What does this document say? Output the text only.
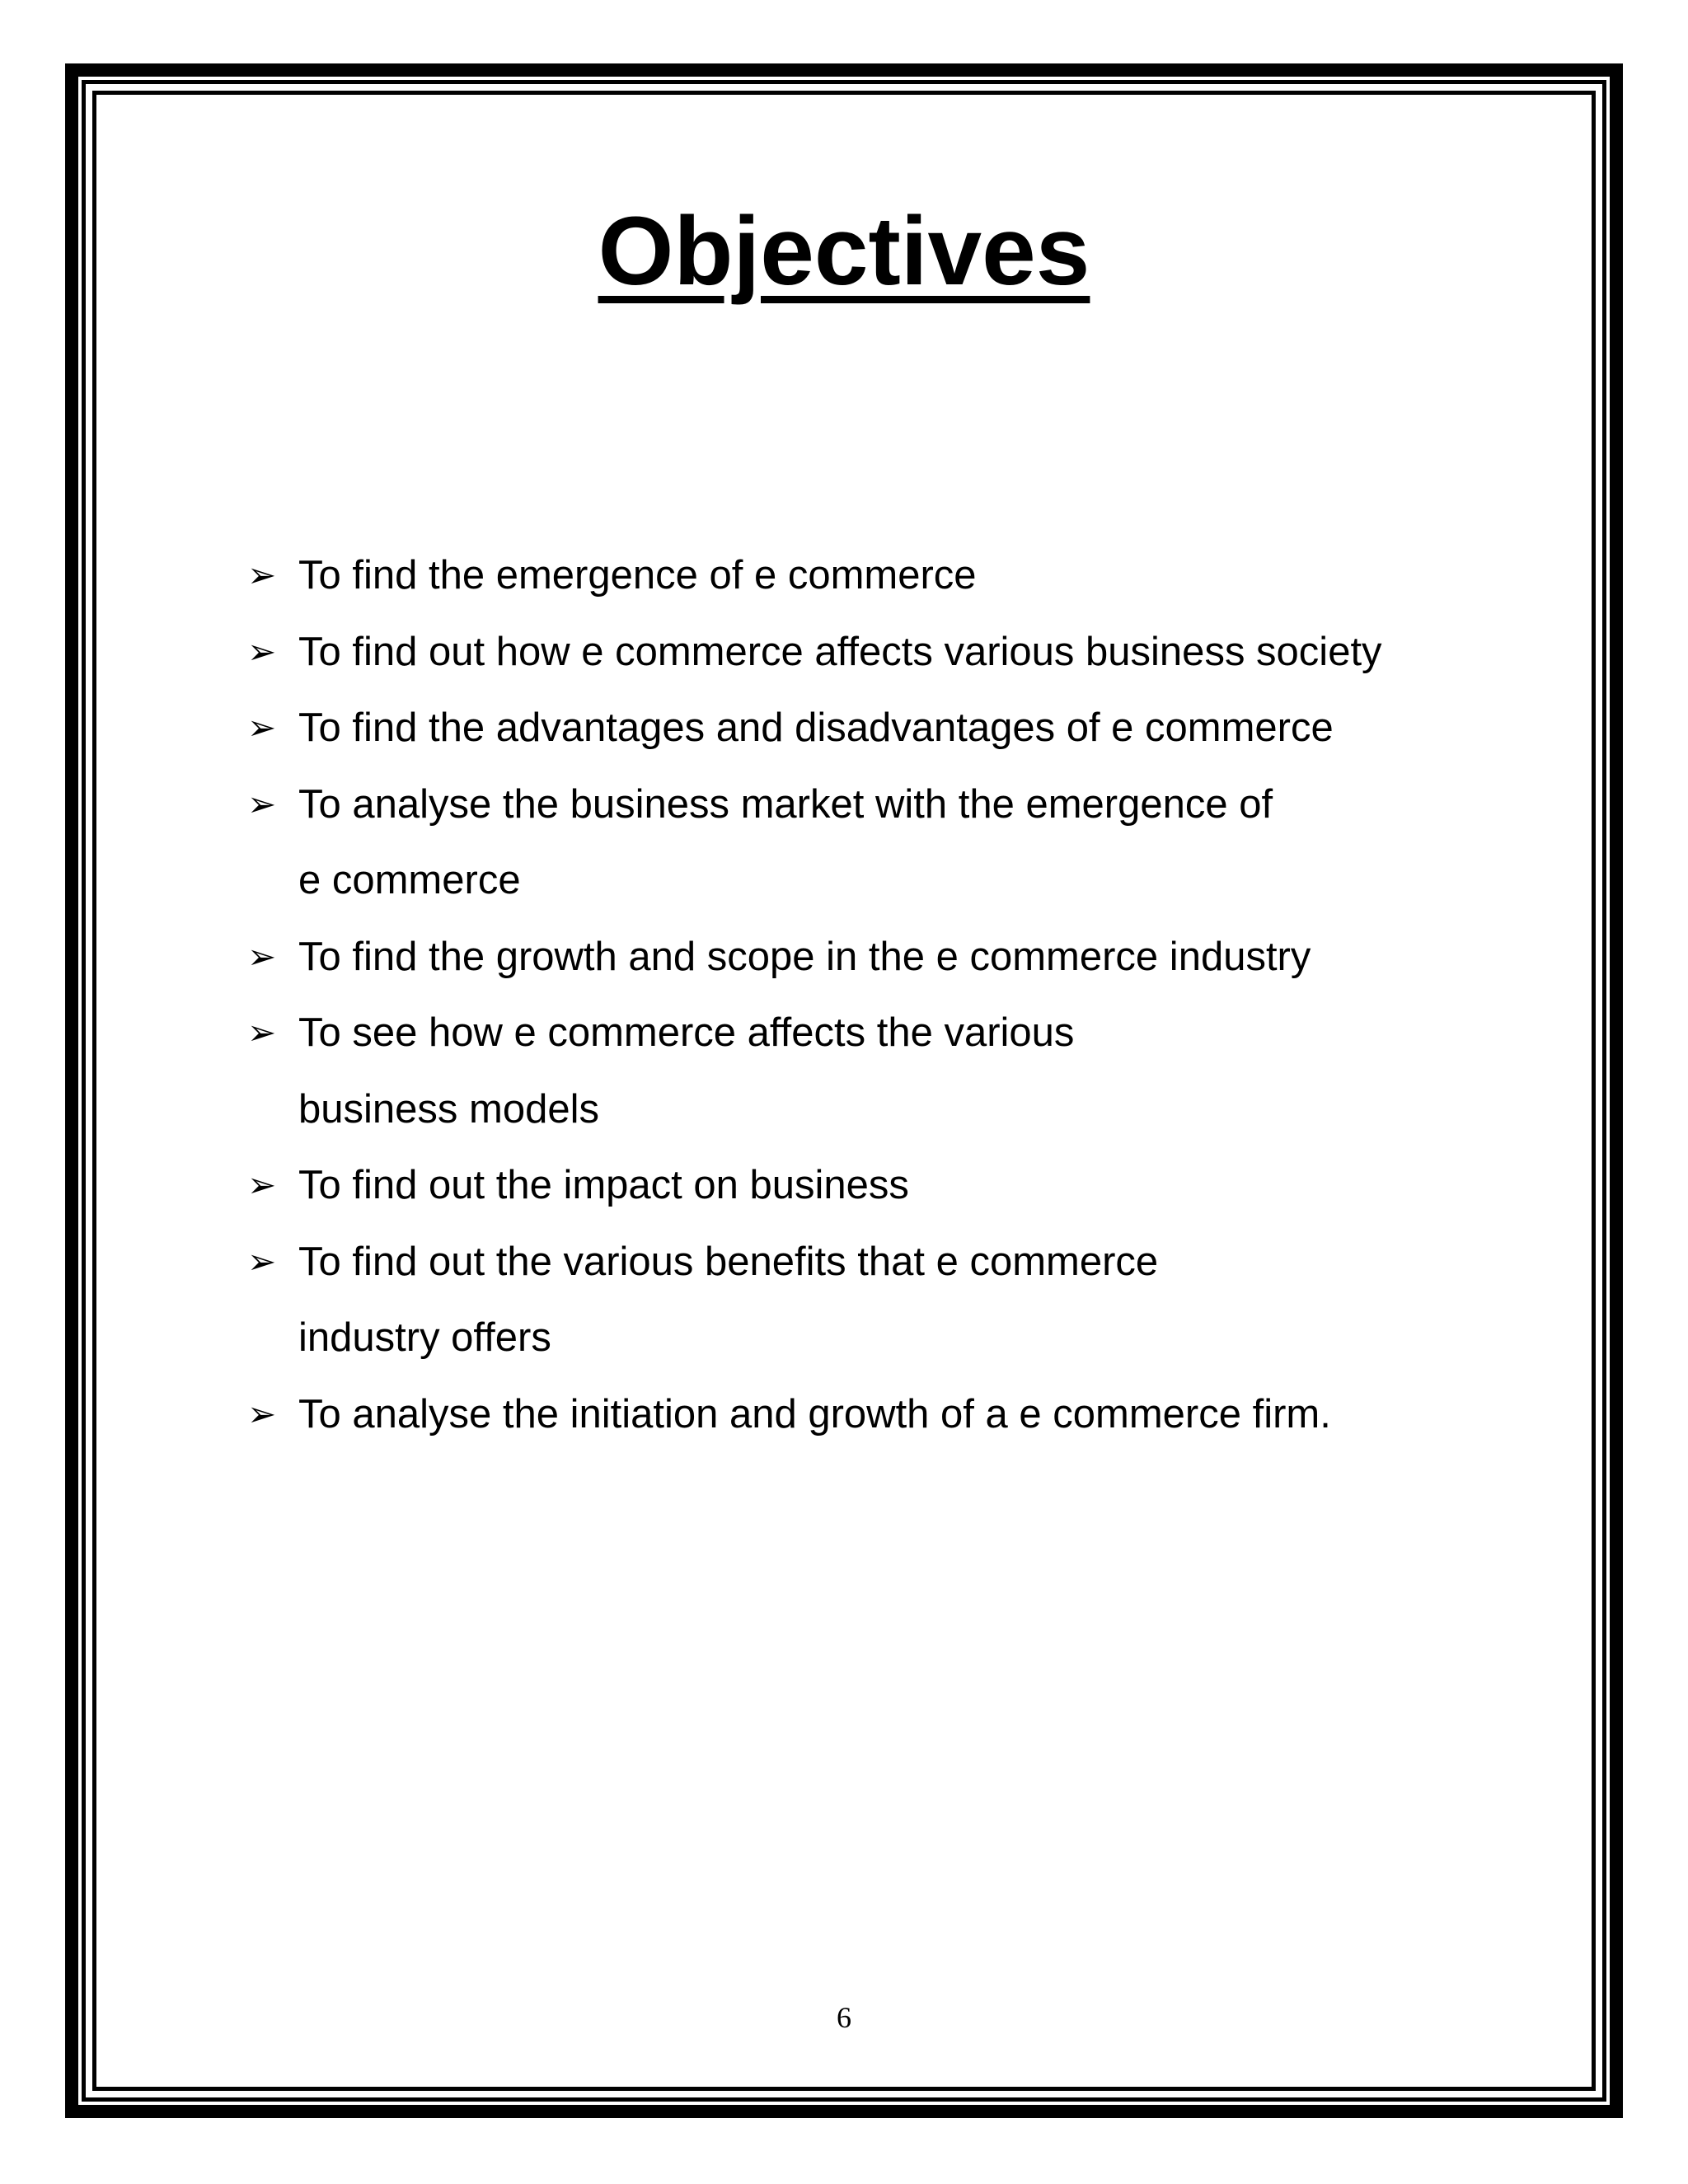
Objectives
➢ To find the emergence of e commerce
➢ To find out how e commerce affects various business society
➢ To find the advantages and disadvantages of e commerce
➢ To analyse the business market with the emergence of e commerce
➢ To find the growth and scope in the e commerce industry
➢ To see how e commerce affects the various business models
➢ To find out the impact on business
➢ To find out the various benefits that e commerce industry offers
➢ To analyse the initiation and growth of a e commerce firm.
6
